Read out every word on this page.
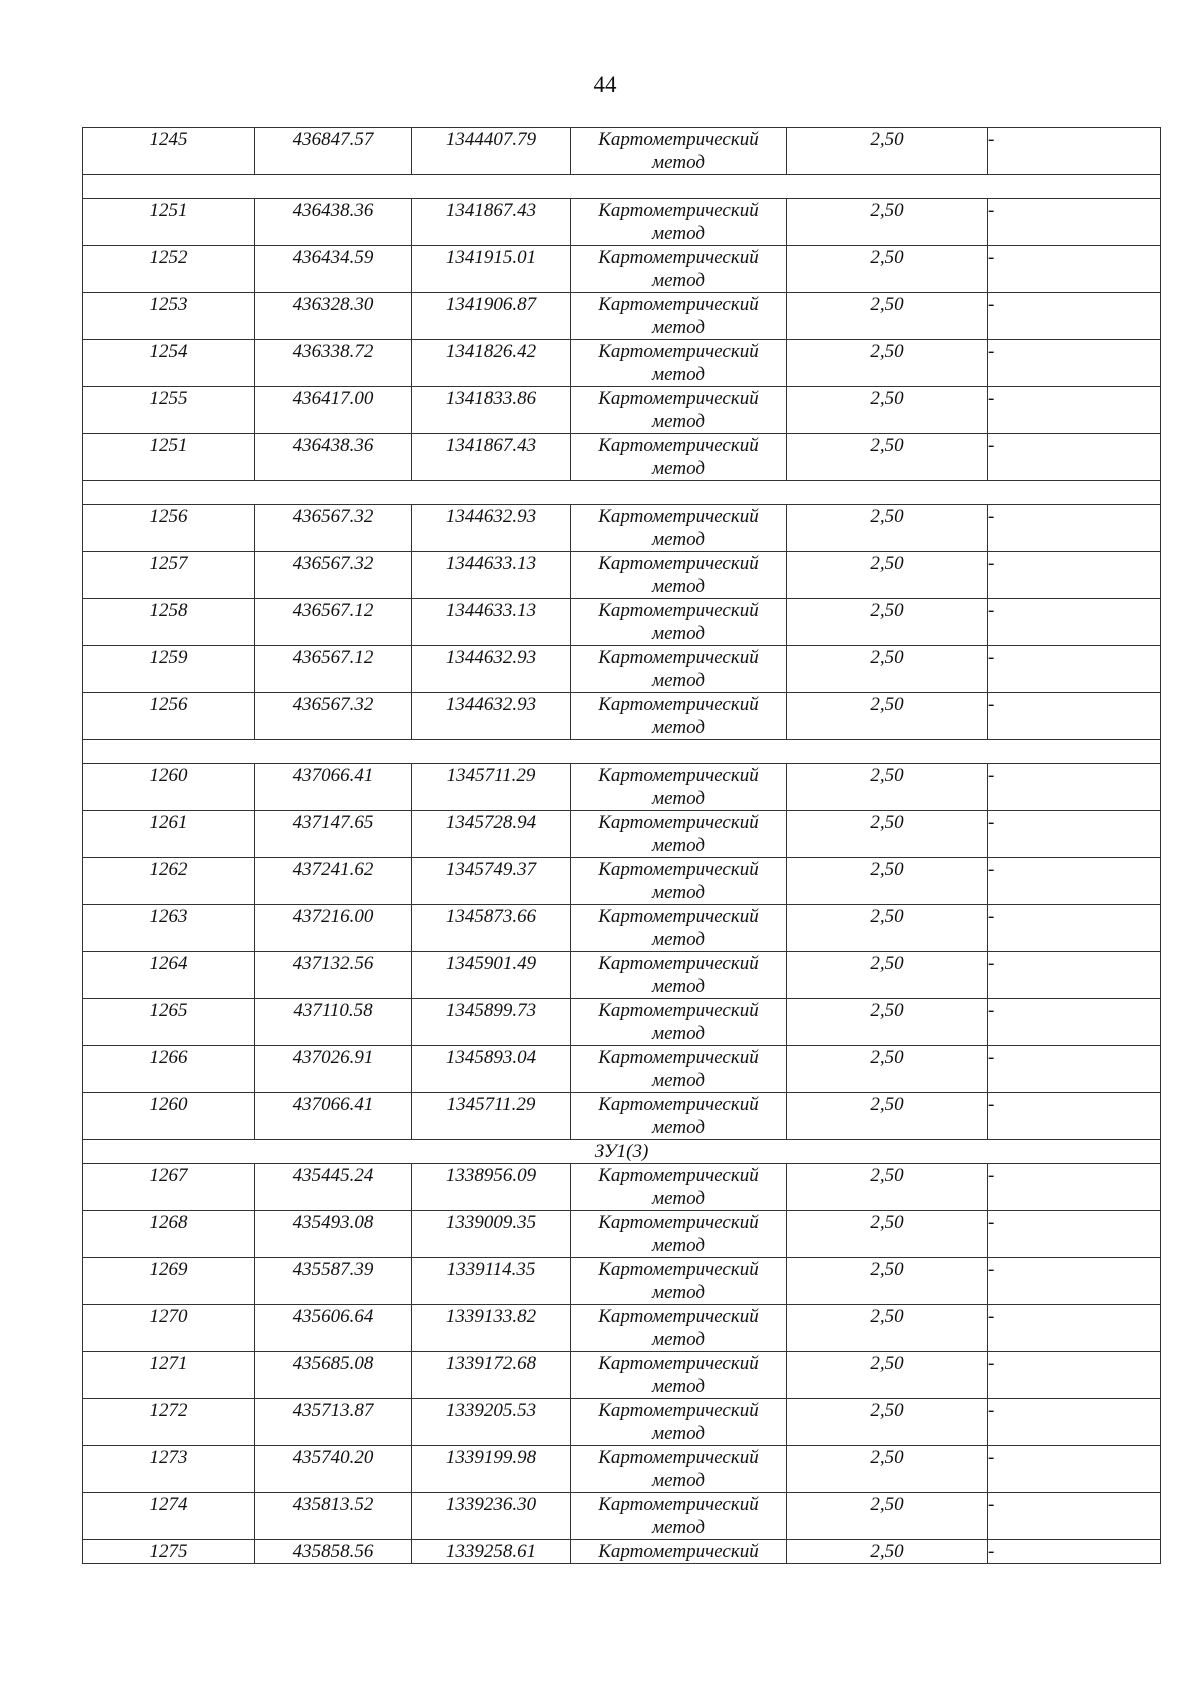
44
1245	436847.57	1344407.79	Картометрический метод	2,50	-

1251	436438.36	1341867.43	Картометрический метод	2,50	-
1252	436434.59	1341915.01	Картометрический метод	2,50	-
1253	436328.30	1341906.87	Картометрический метод	2,50	-
1254	436338.72	1341826.42	Картометрический метод	2,50	-
1255	436417.00	1341833.86	Картометрический метод	2,50	-
1251	436438.36	1341867.43	Картометрический метод	2,50	-

1256	436567.32	1344632.93	Картометрический метод	2,50	-
1257	436567.32	1344633.13	Картометрический метод	2,50	-
1258	436567.12	1344633.13	Картометрический метод	2,50	-
1259	436567.12	1344632.93	Картометрический метод	2,50	-
1256	436567.32	1344632.93	Картометрический метод	2,50	-

1260	437066.41	1345711.29	Картометрический метод	2,50	-
1261	437147.65	1345728.94	Картометрический метод	2,50	-
1262	437241.62	1345749.37	Картометрический метод	2,50	-
1263	437216.00	1345873.66	Картометрический метод	2,50	-
1264	437132.56	1345901.49	Картометрический метод	2,50	-
1265	437110.58	1345899.73	Картометрический метод	2,50	-
1266	437026.91	1345893.04	Картометрический метод	2,50	-
1260	437066.41	1345711.29	Картометрический метод	2,50	-
ЗУ1(3)					
1267	435445.24	1338956.09	Картометрический метод	2,50	-
1268	435493.08	1339009.35	Картометрический метод	2,50	-
1269	435587.39	1339114.35	Картометрический метод	2,50	-
1270	435606.64	1339133.82	Картометрический метод	2,50	-
1271	435685.08	1339172.68	Картометрический метод	2,50	-
1272	435713.87	1339205.53	Картометрический метод	2,50	-
1273	435740.20	1339199.98	Картометрический метод	2,50	-
1274	435813.52	1339236.30	Картометрический метод	2,50	-
1275	435858.56	1339258.61	Картометрический	2,50	-
